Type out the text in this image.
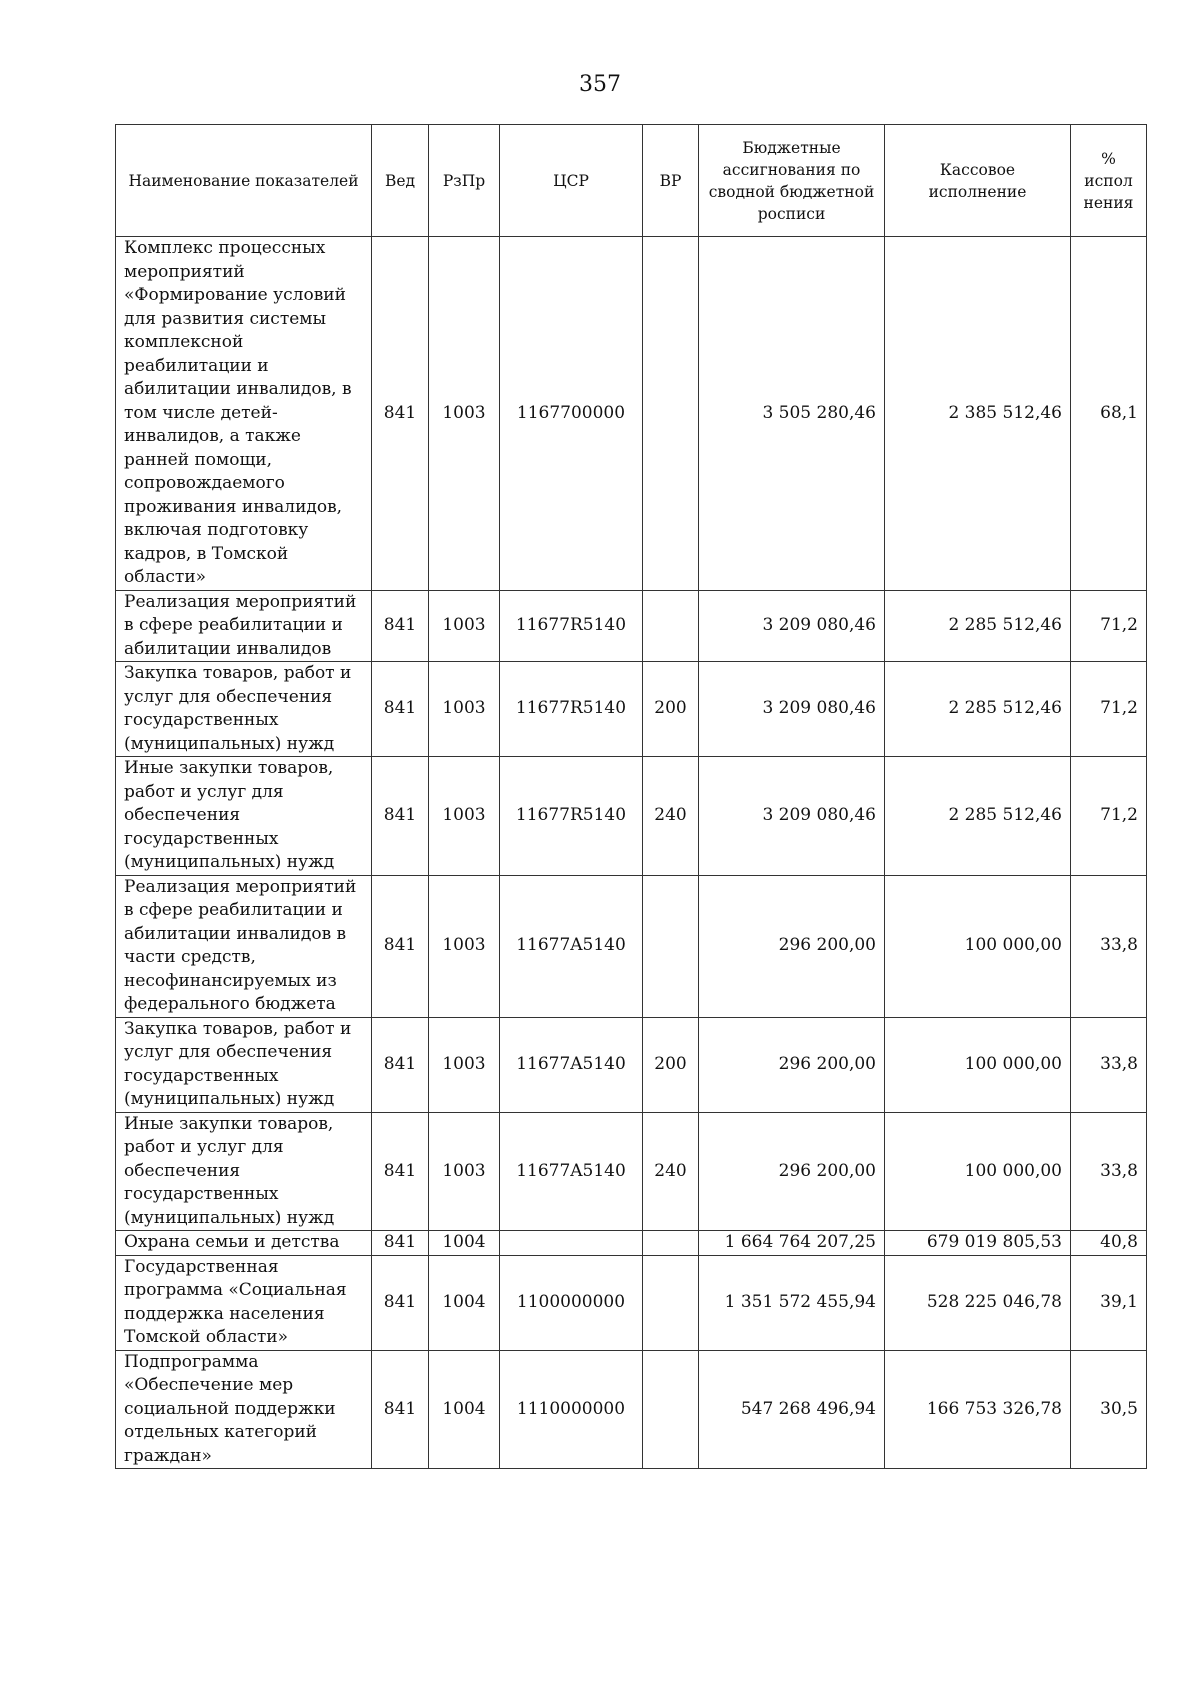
357
Наименование показателей	Вед	РзПр	ЦСР	ВР	Бюджетные ассигнования по сводной бюджетной росписи	Кассовое исполнение	% испол нения
Комплекс процессных мероприятий «Формирование условий для развития системы комплексной реабилитации и абилитации инвалидов, в том числе детей-инвалидов, а также ранней помощи, сопровождаемого проживания инвалидов, включая подготовку кадров, в Томской области»	841	1003	1167700000		3 505 280,46	2 385 512,46	68,1
Реализация мероприятий в сфере реабилитации и абилитации инвалидов	841	1003	11677R5140		3 209 080,46	2 285 512,46	71,2
Закупка товаров, работ и услуг для обеспечения государственных (муниципальных) нужд	841	1003	11677R5140	200	3 209 080,46	2 285 512,46	71,2
Иные закупки товаров, работ и услуг для обеспечения государственных (муниципальных) нужд	841	1003	11677R5140	240	3 209 080,46	2 285 512,46	71,2
Реализация мероприятий в сфере реабилитации и абилитации инвалидов в части средств, несофинансируемых из федерального бюджета	841	1003	11677A5140		296 200,00	100 000,00	33,8
Закупка товаров, работ и услуг для обеспечения государственных (муниципальных) нужд	841	1003	11677A5140	200	296 200,00	100 000,00	33,8
Иные закупки товаров, работ и услуг для обеспечения государственных (муниципальных) нужд	841	1003	11677A5140	240	296 200,00	100 000,00	33,8
Охрана семьи и детства	841	1004			1 664 764 207,25	679 019 805,53	40,8
Государственная программа «Социальная поддержка населения Томской области»	841	1004	1100000000		1 351 572 455,94	528 225 046,78	39,1
Подпрограмма «Обеспечение мер социальной поддержки отдельных категорий граждан»	841	1004	1110000000		547 268 496,94	166 753 326,78	30,5
